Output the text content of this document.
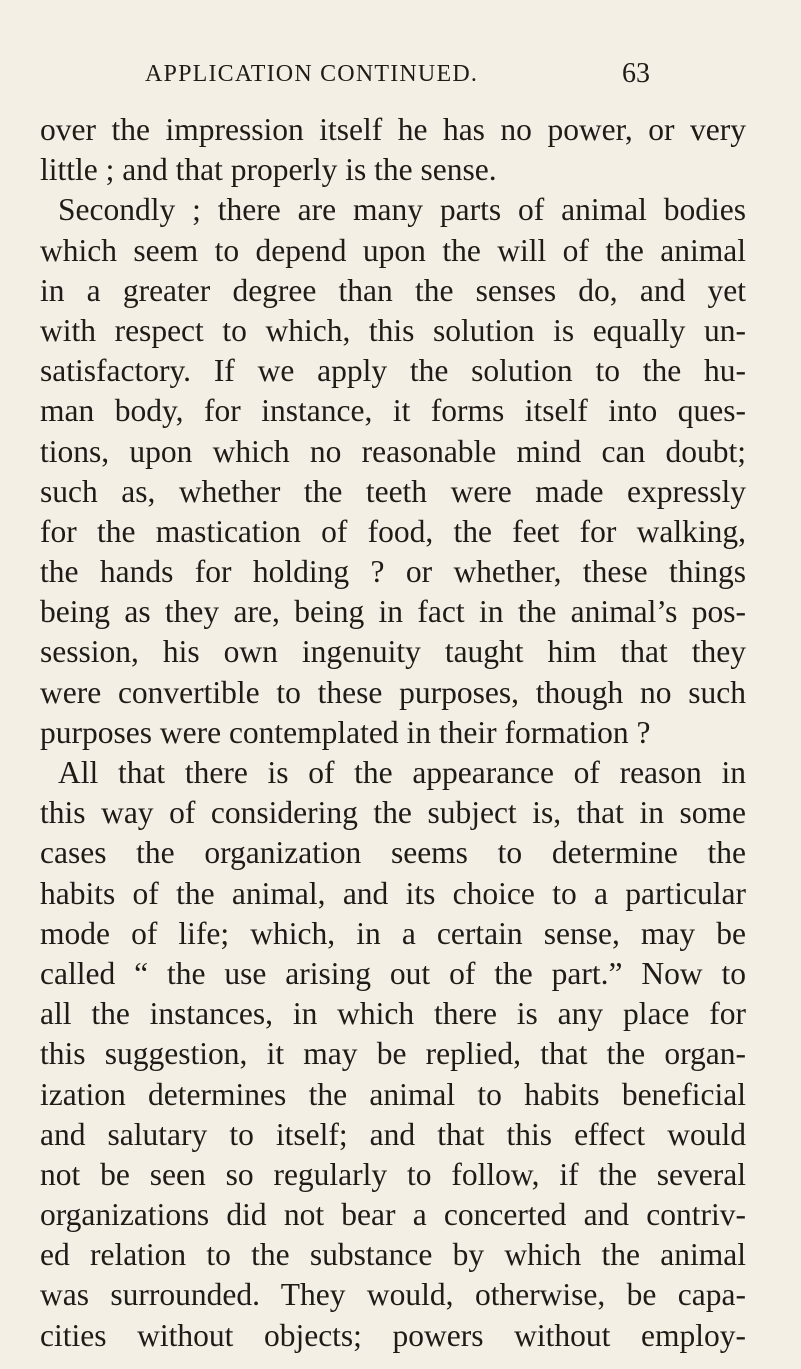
APPLICATION CONTINUED.	63
over the impression itself he has no power, or very
little ; and that properly is the sense.
Secondly ; there are many parts of animal bodies
which seem to depend upon the will of the animal
in a greater degree than the senses do, and yet
with respect to which, this solution is equally un-
satisfactory. If we apply the solution to the hu-
man body, for instance, it forms itself into ques-
tions, upon which no reasonable mind can doubt;
such as, whether the teeth were made expressly
for the mastication of food, the feet for walking,
the hands for holding ? or whether, these things
being as they are, being in fact in the animal’s pos-
session, his own ingenuity taught him that they
were convertible to these purposes, though no such
purposes were contemplated in their formation ?
All that there is of the appearance of reason in
this way of considering the subject is, that in some
cases the organization seems to determine the
habits of the animal, and its choice to a particular
mode of life; which, in a certain sense, may be
called “ the use arising out of the part.” Now to
all the instances, in which there is any place for
this suggestion, it may be replied, that the organ-
ization determines the animal to habits beneficial
and salutary to itself; and that this effect would
not be seen so regularly to follow, if the several
organizations did not bear a concerted and contriv-
ed relation to the substance by which the animal
was surrounded. They would, otherwise, be capa-
cities without objects; powers without employ-
